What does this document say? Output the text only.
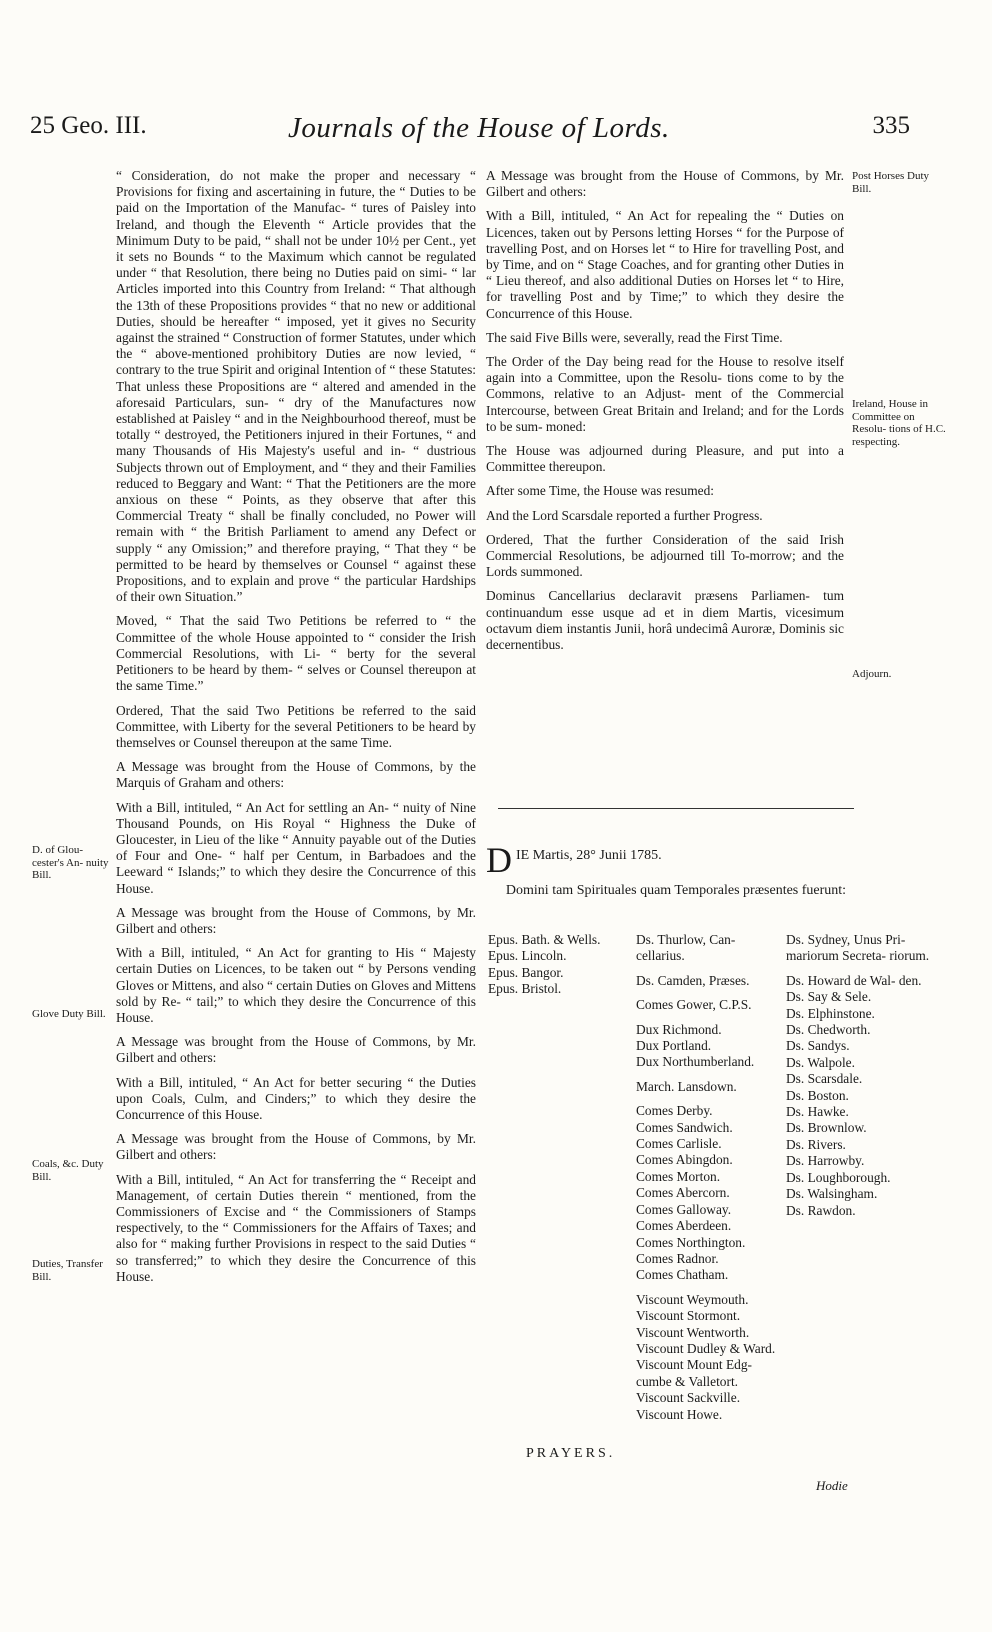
25 Geo. III.	Journals of the House of Lords.	335

“ Consideration, do not make the proper and necessary “ Provisions for fixing and ascertaining in future, the “ Duties to be paid on the Importation of the Manufac- “ tures of Paisley into Ireland, and though the Eleventh “ Article provides that the Minimum Duty to be paid, “ shall not be under 10½ per Cent., yet it sets no Bounds “ to the Maximum which cannot be regulated under “ that Resolution, there being no Duties paid on simi- “ lar Articles imported into this Country from Ireland: “ That although the 13th of these Propositions provides “ that no new or additional Duties, should be hereafter “ imposed, yet it gives no Security against the strained “ Construction of former Statutes, under which the “ above-mentioned prohibitory Duties are now levied, “ contrary to the true Spirit and original Intention of “ these Statutes: That unless these Propositions are “ altered and amended in the aforesaid Particulars, sun- “ dry of the Manufactures now established at Paisley “ and in the Neighbourhood thereof, must be totally “ destroyed, the Petitioners injured in their Fortunes, “ and many Thousands of His Majesty's useful and in- “ dustrious Subjects thrown out of Employment, and “ they and their Families reduced to Beggary and Want: “ That the Petitioners are the more anxious on these “ Points, as they observe that after this Commercial Treaty “ shall be finally concluded, no Power will remain with “ the British Parliament to amend any Defect or supply “ any Omission;” and therefore praying, “ That they “ be permitted to be heard by themselves or Counsel “ against these Propositions, and to explain and prove “ the particular Hardships of their own Situation.”

Moved, “ That the said Two Petitions be referred to “ the Committee of the whole House appointed to “ consider the Irish Commercial Resolutions, with Li- “ berty for the several Petitioners to be heard by them- “ selves or Counsel thereupon at the same Time.”

Ordered, That the said Two Petitions be referred to the said Committee, with Liberty for the several Petitioners to be heard by themselves or Counsel thereupon at the same Time.

A Message was brought from the House of Commons, by the Marquis of Graham and others:

With a Bill, intituled, “ An Act for settling an An- “ nuity of Nine Thousand Pounds, on His Royal “ Highness the Duke of Gloucester, in Lieu of the like “ Annuity payable out of the Duties of Four and One- “ half per Centum, in Barbadoes and the Leeward “ Islands;” to which they desire the Concurrence of this House.

A Message was brought from the House of Commons, by Mr. Gilbert and others:

With a Bill, intituled, “ An Act for granting to His “ Majesty certain Duties on Licences, to be taken out “ by Persons vending Gloves or Mittens, and also “ certain Duties on Gloves and Mittens sold by Re- “ tail;” to which they desire the Concurrence of this House.

A Message was brought from the House of Commons, by Mr. Gilbert and others:

With a Bill, intituled, “ An Act for better securing “ the Duties upon Coals, Culm, and Cinders;” to which they desire the Concurrence of this House.

A Message was brought from the House of Commons, by Mr. Gilbert and others:

With a Bill, intituled, “ An Act for transferring the “ Receipt and Management, of certain Duties therein “ mentioned, from the Commissioners of Excise and “ the Commissioners of Stamps respectively, to the “ Commissioners for the Affairs of Taxes; and also for “ making further Provisions in respect to the said Duties “ so transferred;” to which they desire the Concurrence of this House.

D. of Glou- cester's An- nuity Bill.
Glove Duty Bill.
Coals, &c. Duty Bill.
Duties, Transfer Bill.

A Message was brought from the House of Commons, by Mr. Gilbert and others:

With a Bill, intituled, “ An Act for repealing the “ Duties on Licences, taken out by Persons letting Horses “ for the Purpose of travelling Post, and on Horses let “ to Hire for travelling Post, and by Time, and on “ Stage Coaches, and for granting other Duties in “ Lieu thereof, and also additional Duties on Horses let “ to Hire, for travelling Post and by Time;” to which they desire the Concurrence of this House.

The said Five Bills were, severally, read the First Time.

The Order of the Day being read for the House to resolve itself again into a Committee, upon the Resolu- tions come to by the Commons, relative to an Adjust- ment of the Commercial Intercourse, between Great Britain and Ireland; and for the Lords to be sum- moned:

The House was adjourned during Pleasure, and put into a Committee thereupon.

After some Time, the House was resumed:

And the Lord Scarsdale reported a further Progress.

Ordered, That the further Consideration of the said Irish Commercial Resolutions, be adjourned till To-morrow; and the Lords summoned.

Dominus Cancellarius declaravit præsens Parliamen- tum continuandum esse usque ad et in diem Martis, vicesimum octavum diem instantis Junii, horâ undecimâ Auroræ, Dominis sic decernentibus.

Post Horses Duty Bill.
Ireland, House in Committee on Resolu- tions of H.C. respecting.
Adjourn.
DIE Martis, 28° Junii 1785.
Domini tam Spirituales quam Temporales præsentes fuerunt:
Epus. Bath. & Wells.
Epus. Lincoln.
Epus. Bangor.
Epus. Bristol.
Ds. Thurlow, Can- cellarius.
Ds. Camden, Præses.
Comes Gower, C.P.S.
Dux Richmond.
Dux Portland.
Dux Northumberland.
March. Lansdown.
Comes Derby.
Comes Sandwich.
Comes Carlisle.
Comes Abingdon.
Comes Morton.
Comes Abercorn.
Comes Galloway.
Comes Aberdeen.
Comes Northington.
Comes Radnor.
Comes Chatham.
Viscount Weymouth.
Viscount Stormont.
Viscount Wentworth.
Viscount Dudley & Ward.
Viscount Mount Edg- cumbe & Valletort.
Viscount Sackville.
Viscount Howe.
Ds. Sydney, Unus Pri- mariorum Secreta- riorum.
Ds. Howard de Wal- den.
Ds. Say & Sele.
Ds. Elphinstone.
Ds. Chedworth.
Ds. Sandys.
Ds. Walpole.
Ds. Scarsdale.
Ds. Boston.
Ds. Hawke.
Ds. Brownlow.
Ds. Rivers.
Ds. Harrowby.
Ds. Loughborough.
Ds. Walsingham.
Ds. Rawdon.
PRAYERS.
Hodie
